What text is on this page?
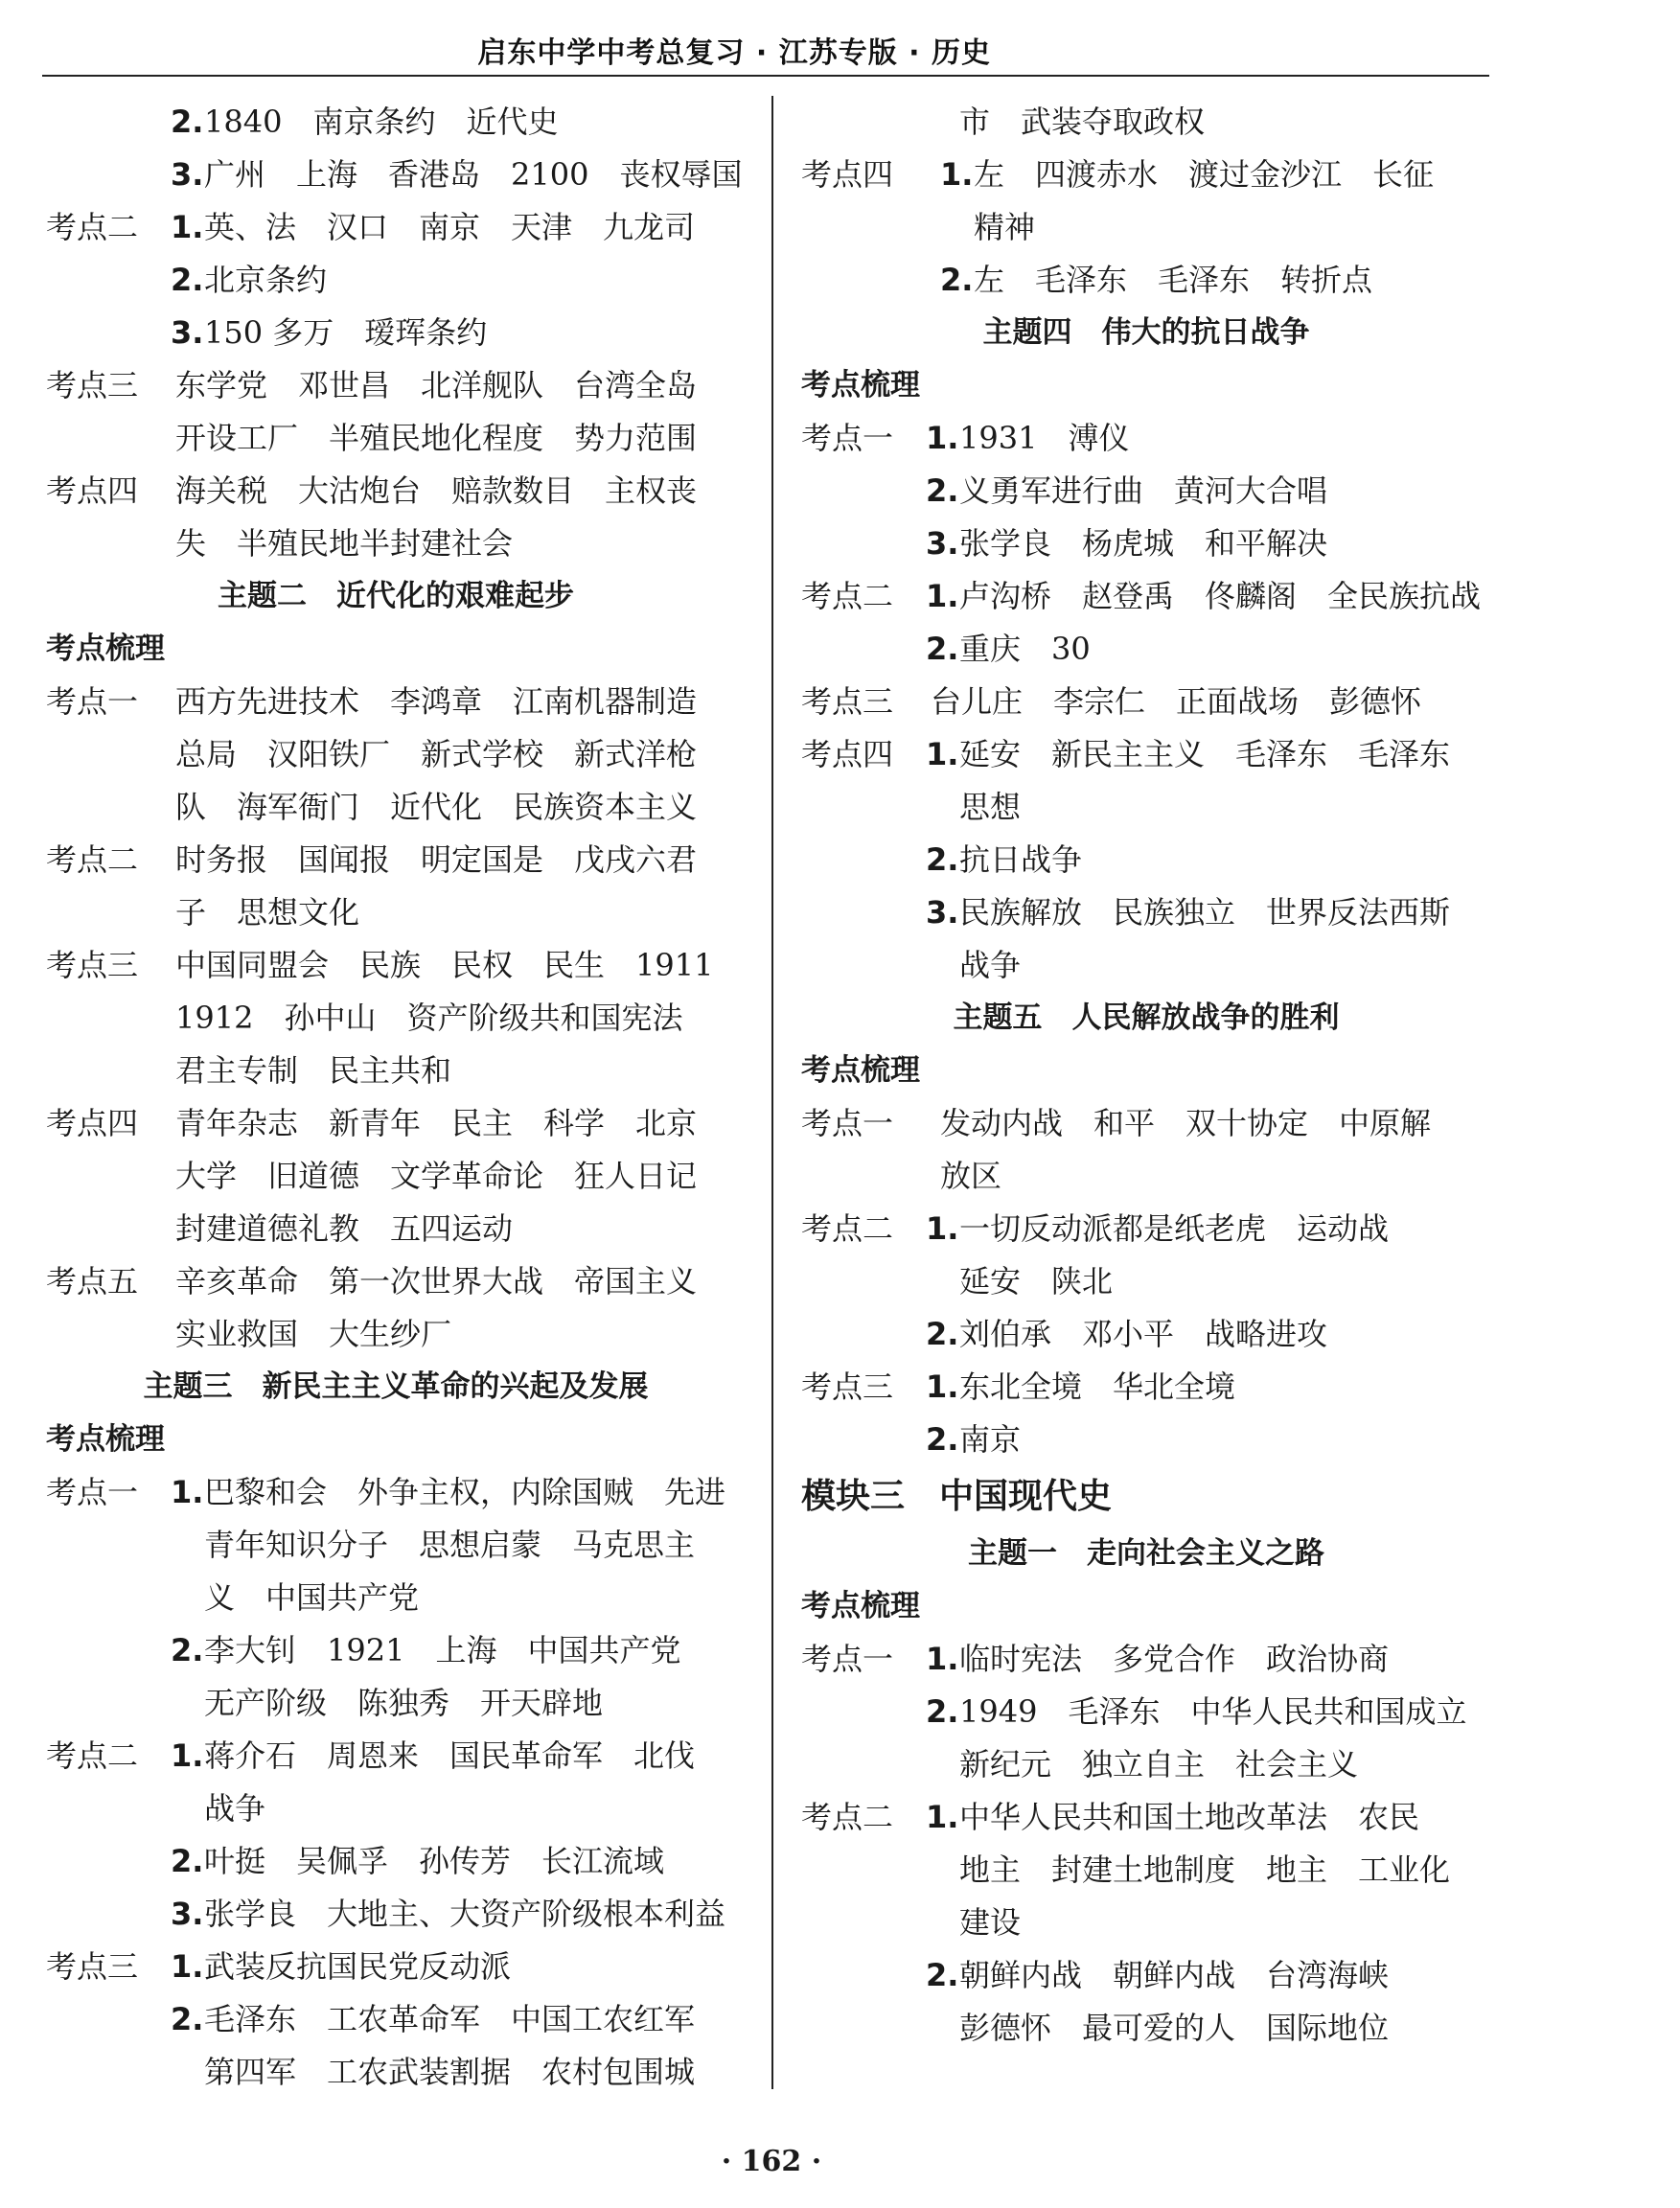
启东中学中考总复习 · 江苏专版 · 历史
2. 1840　南京条约　近代史
3. 广州　上海　香港岛　2100　丧权辱国
考点二 1. 英、法　汉口　南京　天津　九龙司
2. 北京条约
3. 150 多万　瑷珲条约
考点三 东学党　邓世昌　北洋舰队　台湾全岛
开设工厂　半殖民地化程度　势力范围
考点四 海关税　大沽炮台　赔款数目　主权丧
失　半殖民地半封建社会
主题二　近代化的艰难起步
考点梳理
考点一 西方先进技术　李鸿章　江南机器制造
总局　汉阳铁厂　新式学校　新式洋枪
队　海军衙门　近代化　民族资本主义
考点二 时务报　国闻报　明定国是　戊戌六君
子　思想文化
考点三 中国同盟会　民族　民权　民生　1911
1912　孙中山　资产阶级共和国宪法
君主专制　民主共和
考点四 青年杂志　新青年　民主　科学　北京
大学　旧道德　文学革命论　狂人日记
封建道德礼教　五四运动
考点五 辛亥革命　第一次世界大战　帝国主义
实业救国　大生纱厂
主题三　新民主主义革命的兴起及发展
考点梳理
考点一 1. 巴黎和会　外争主权，内除国贼　先进
青年知识分子　思想启蒙　马克思主
义　中国共产党
2. 李大钊　1921　上海　中国共产党
无产阶级　陈独秀　开天辟地
考点二 1. 蒋介石　周恩来　国民革命军　北伐
战争
2. 叶挺　吴佩孚　孙传芳　长江流域
3. 张学良　大地主、大资产阶级根本利益
考点三 1. 武装反抗国民党反动派
2. 毛泽东　工农革命军　中国工农红军
第四军　工农武装割据　农村包围城
市　武装夺取政权
考点四 1. 左　四渡赤水　渡过金沙江　长征
精神
2. 左　毛泽东　毛泽东　转折点
主题四　伟大的抗日战争
考点梳理
考点一 1. 1931　溥仪
2. 义勇军进行曲　黄河大合唱
3. 张学良　杨虎城　和平解决
考点二 1. 卢沟桥　赵登禹　佟麟阁　全民族抗战
2. 重庆　30
考点三 台儿庄　李宗仁　正面战场　彭德怀
考点四 1. 延安　新民主主义　毛泽东　毛泽东
思想
2. 抗日战争
3. 民族解放　民族独立　世界反法西斯
战争
主题五　人民解放战争的胜利
考点梳理
考点一 发动内战　和平　双十协定　中原解
放区
考点二 1. 一切反动派都是纸老虎　运动战
延安　陕北
2. 刘伯承　邓小平　战略进攻
考点三 1. 东北全境　华北全境
2. 南京
模块三　中国现代史
主题一　走向社会主义之路
考点梳理
考点一 1. 临时宪法　多党合作　政治协商
2. 1949　毛泽东　中华人民共和国成立
新纪元　独立自主　社会主义
考点二 1. 中华人民共和国土地改革法　农民
地主　封建土地制度　地主　工业化
建设
2. 朝鲜内战　朝鲜内战　台湾海峡
彭德怀　最可爱的人　国际地位
· 162 ·
